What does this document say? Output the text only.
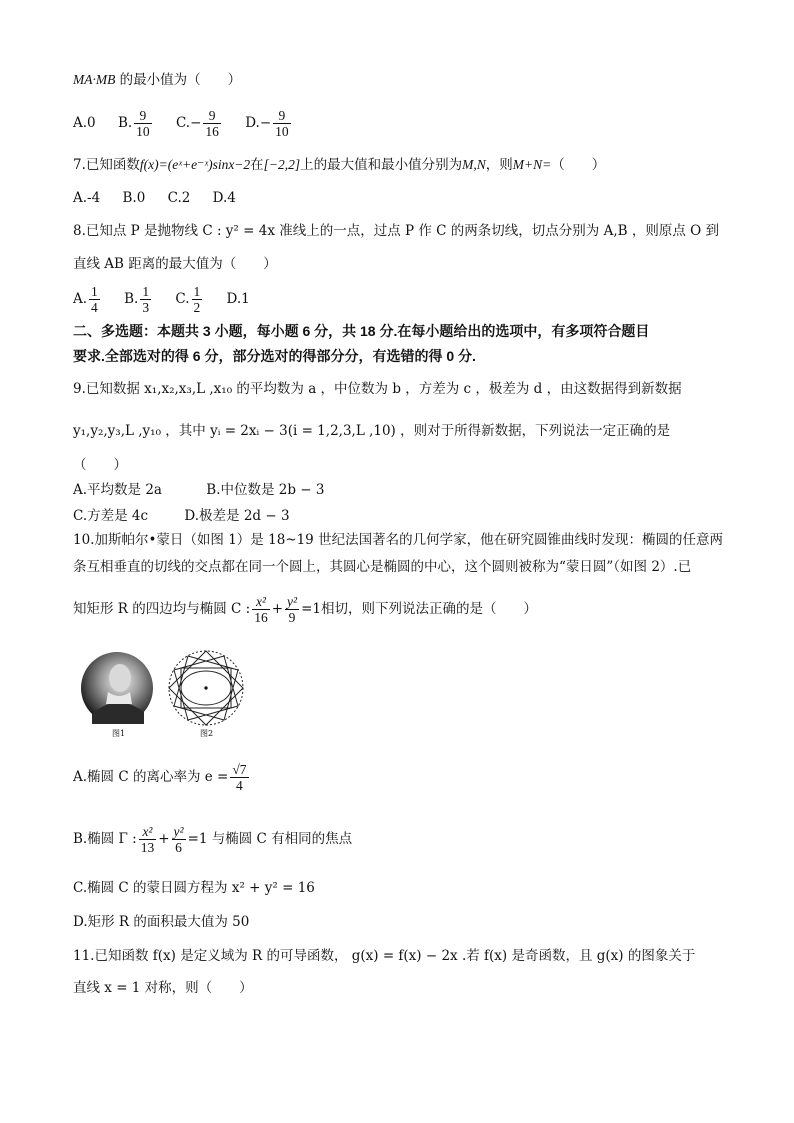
MA·MB 的最小值为（　　）
A.0 B. $\frac{9}{10} C.- \frac{9}{16} D.- \frac{9}{10}$
7.已知函数f(x)=(eˣ+e⁻ˣ)sinx−2在[−2,2]上的最大值和最小值分别为M,N，则M+N=（　　）
A.-4 B.0 C.2 D.4
8.已知点 P 是抛物线 C : y² = 4x 准线上的一点，过点 P 作 C 的两条切线，切点分别为 A,B ，则原点 O 到
直线 AB 距离的最大值为（　　）
A. $\frac{1}{4} B$. $\frac{1}{3} C$. $\frac{1}{2} D.1$
二、多选题：本题共 3 小题，每小题 6 分，共 18 分.在每小题给出的选项中，有多项符合题目
要求.全部选对的得 6 分，部分选对的得部分分，有选错的得 0 分.
9.已知数据 x₁,x₂,x₃,L ,x₁₀ 的平均数为 a ，中位数为 b ，方差为 c ，极差为 d ，由这数据得到新数据
y₁,y₂,y₃,L ,y₁₀ ，其中 yᵢ = 2xᵢ − 3(i = 1,2,3,L ,10) ，则对于所得新数据，下列说法一定正确的是
（　　）
A.平均数是 2a	B.中位数是 2b − 3
C.方差是 4c	D.极差是 2d − 3
10.加斯帕尔•蒙日（如图 1）是 18~19 世纪法国著名的几何学家，他在研究圆锥曲线时发现：椭圆的任意两
条互相垂直的切线的交点都在同一个圆上，其圆心是椭圆的中心，这个圆则被称为“蒙日圆”（如图 2）.已
知矩形 R 的四边均与椭圆 C : $\frac{\text{x²}}{16} + \frac{\text{y²}}{9} =1$相切，则下列说法正确的是（　　）
图1	图2
A.椭圆 C 的离心率为 $e = \frac{√7}{4}$
B.椭圆 Γ : $\frac{\text{x²}}{13} + \frac{\text{y²}}{6} =1$ 与椭圆 C 有相同的焦点
C.椭圆 C 的蒙日圆方程为 x² + y² = 16
D.矩形 R 的面积最大值为 50
11.已知函数 f(x) 是定义域为 R 的可导函数， g(x) = f(x) − 2x .若 f(x) 是奇函数，且 g(x) 的图象关于
直线 x = 1 对称，则（　　）
